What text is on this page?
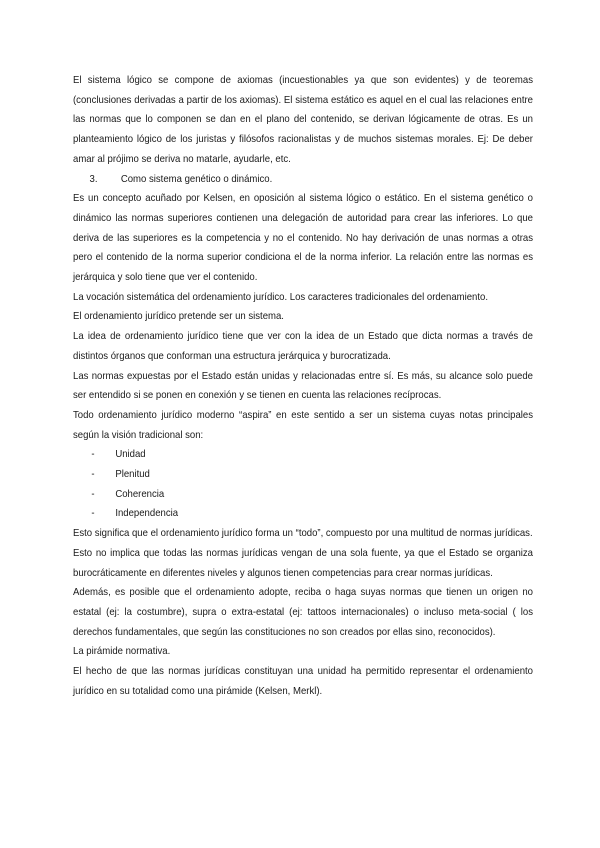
El sistema lógico se compone de axiomas (incuestionables ya que son evidentes) y de teoremas (conclusiones derivadas a partir de los axiomas). El sistema estático es aquel en el cual las relaciones entre las normas que lo componen se dan en el plano del contenido, se derivan lógicamente de otras. Es un planteamiento lógico de los juristas y filósofos racionalistas y de muchos sistemas morales. Ej: De deber amar al prójimo se deriva no matarle, ayudarle, etc.

3.	Como sistema genético o dinámico.

Es un concepto acuñado por Kelsen, en oposición al sistema lógico o estático. En el sistema genético o dinámico las normas superiores contienen una delegación de autoridad para crear las inferiores. Lo que deriva de las superiores es la competencia y no el contenido. No hay derivación de unas normas a otras pero el contenido de la norma superior condiciona el de la norma inferior. La relación entre las normas es jerárquica y solo tiene que ver el contenido.

La vocación sistemática del ordenamiento jurídico. Los caracteres tradicionales del ordenamiento.

El ordenamiento jurídico pretende ser un sistema.

La idea de ordenamiento jurídico tiene que ver con la idea de un Estado que dicta normas a través de distintos órganos que conforman una estructura jerárquica y burocratizada.

Las normas expuestas por el Estado están unidas y relacionadas entre sí. Es más, su alcance solo puede ser entendido si se ponen en conexión y se tienen en cuenta las relaciones recíprocas.

Todo ordenamiento jurídico moderno “aspira” en este sentido a ser un sistema cuyas notas principales según la visión tradicional son:

-	Unidad
-	Plenitud
-	Coherencia
-	Independencia

Esto significa que el ordenamiento jurídico forma un “todo”, compuesto por una multitud de normas jurídicas.

Esto no implica que todas las normas jurídicas vengan de una sola fuente, ya que el Estado se organiza burocráticamente en diferentes niveles y algunos tienen competencias para crear normas jurídicas.

Además, es posible que el ordenamiento adopte, reciba o haga suyas normas que tienen un origen no estatal (ej: la costumbre), supra o extra-estatal (ej: tattoos internacionales) o incluso meta-social ( los derechos fundamentales, que según las constituciones no son creados por ellas sino, reconocidos).

La pirámide normativa.

El hecho de que las normas jurídicas constituyan una unidad ha permitido representar el ordenamiento jurídico en su totalidad como una pirámide (Kelsen, Merkl).
